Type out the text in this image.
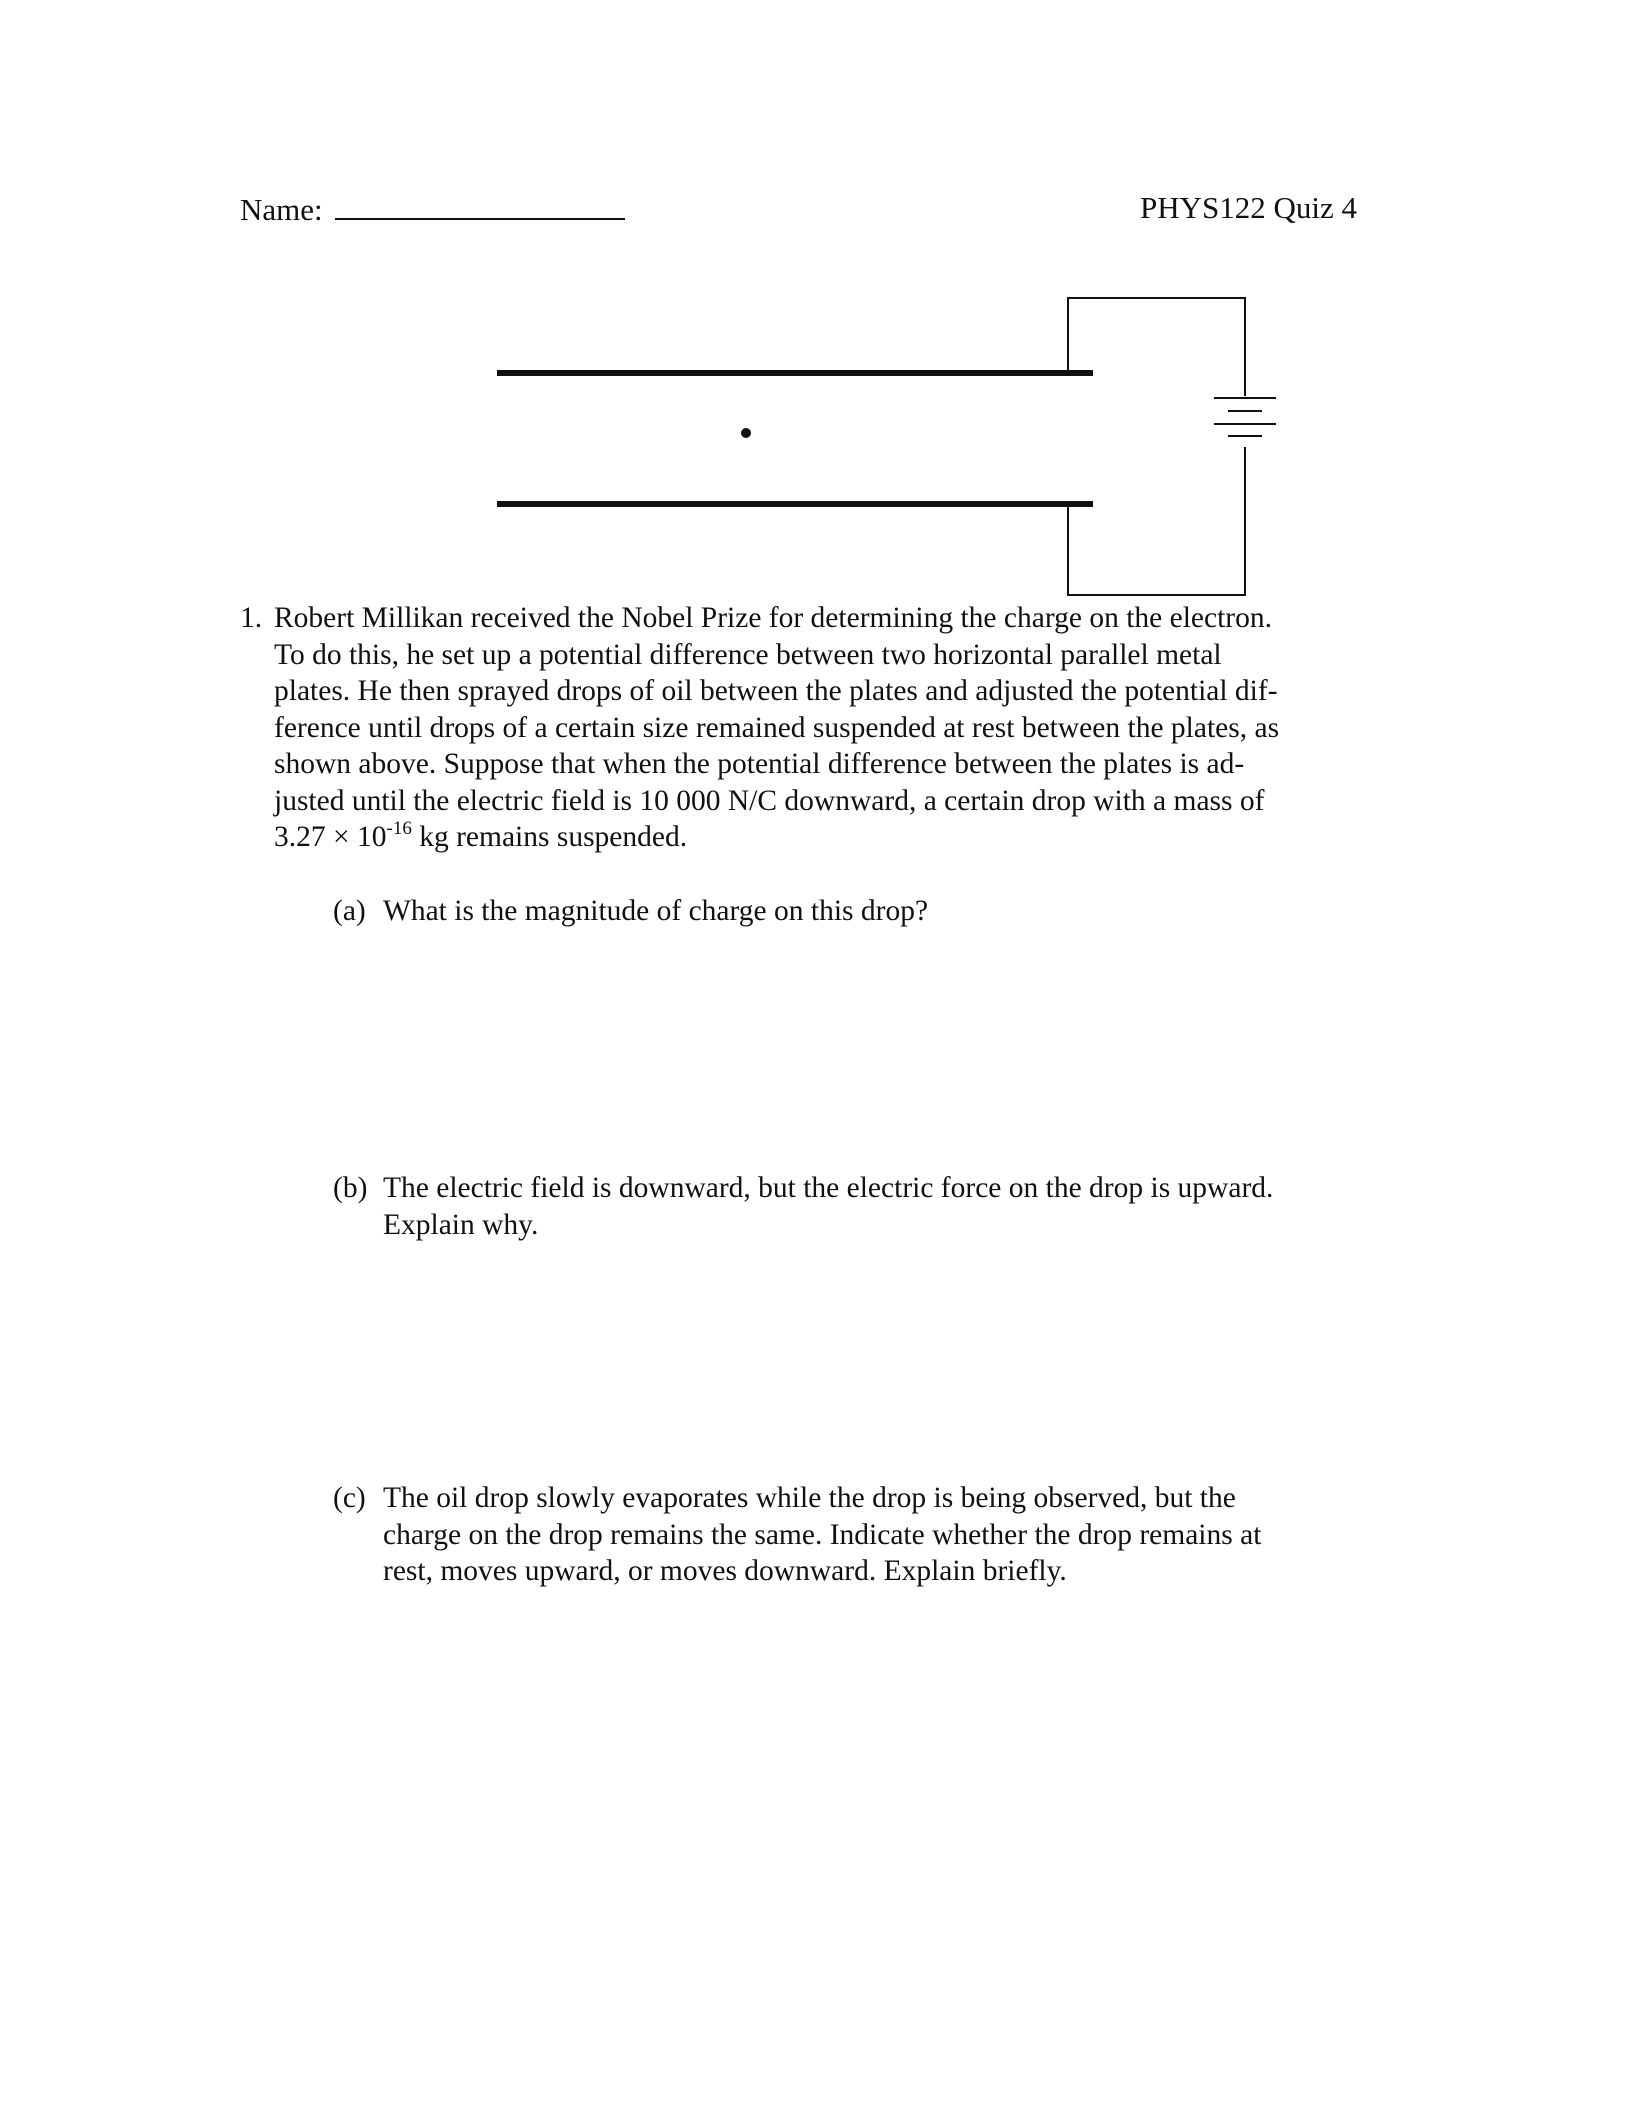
Name:	PHYS122 Quiz 4
1. Robert Millikan received the Nobel Prize for determining the charge on the electron.
To do this, he set up a potential difference between two horizontal parallel metal
plates. He then sprayed drops of oil between the plates and adjusted the potential dif-
ference until drops of a certain size remained suspended at rest between the plates, as
shown above. Suppose that when the potential difference between the plates is ad-
justed until the electric field is 10 000 N/C downward, a certain drop with a mass of
$3.27 \times 10^{-16}$ kg remains suspended.
(a) What is the magnitude of charge on this drop?
(b) The electric field is downward, but the electric force on the drop is upward.
Explain why.
(c) The oil drop slowly evaporates while the drop is being observed, but the
charge on the drop remains the same. Indicate whether the drop remains at
rest, moves upward, or moves downward. Explain briefly.
